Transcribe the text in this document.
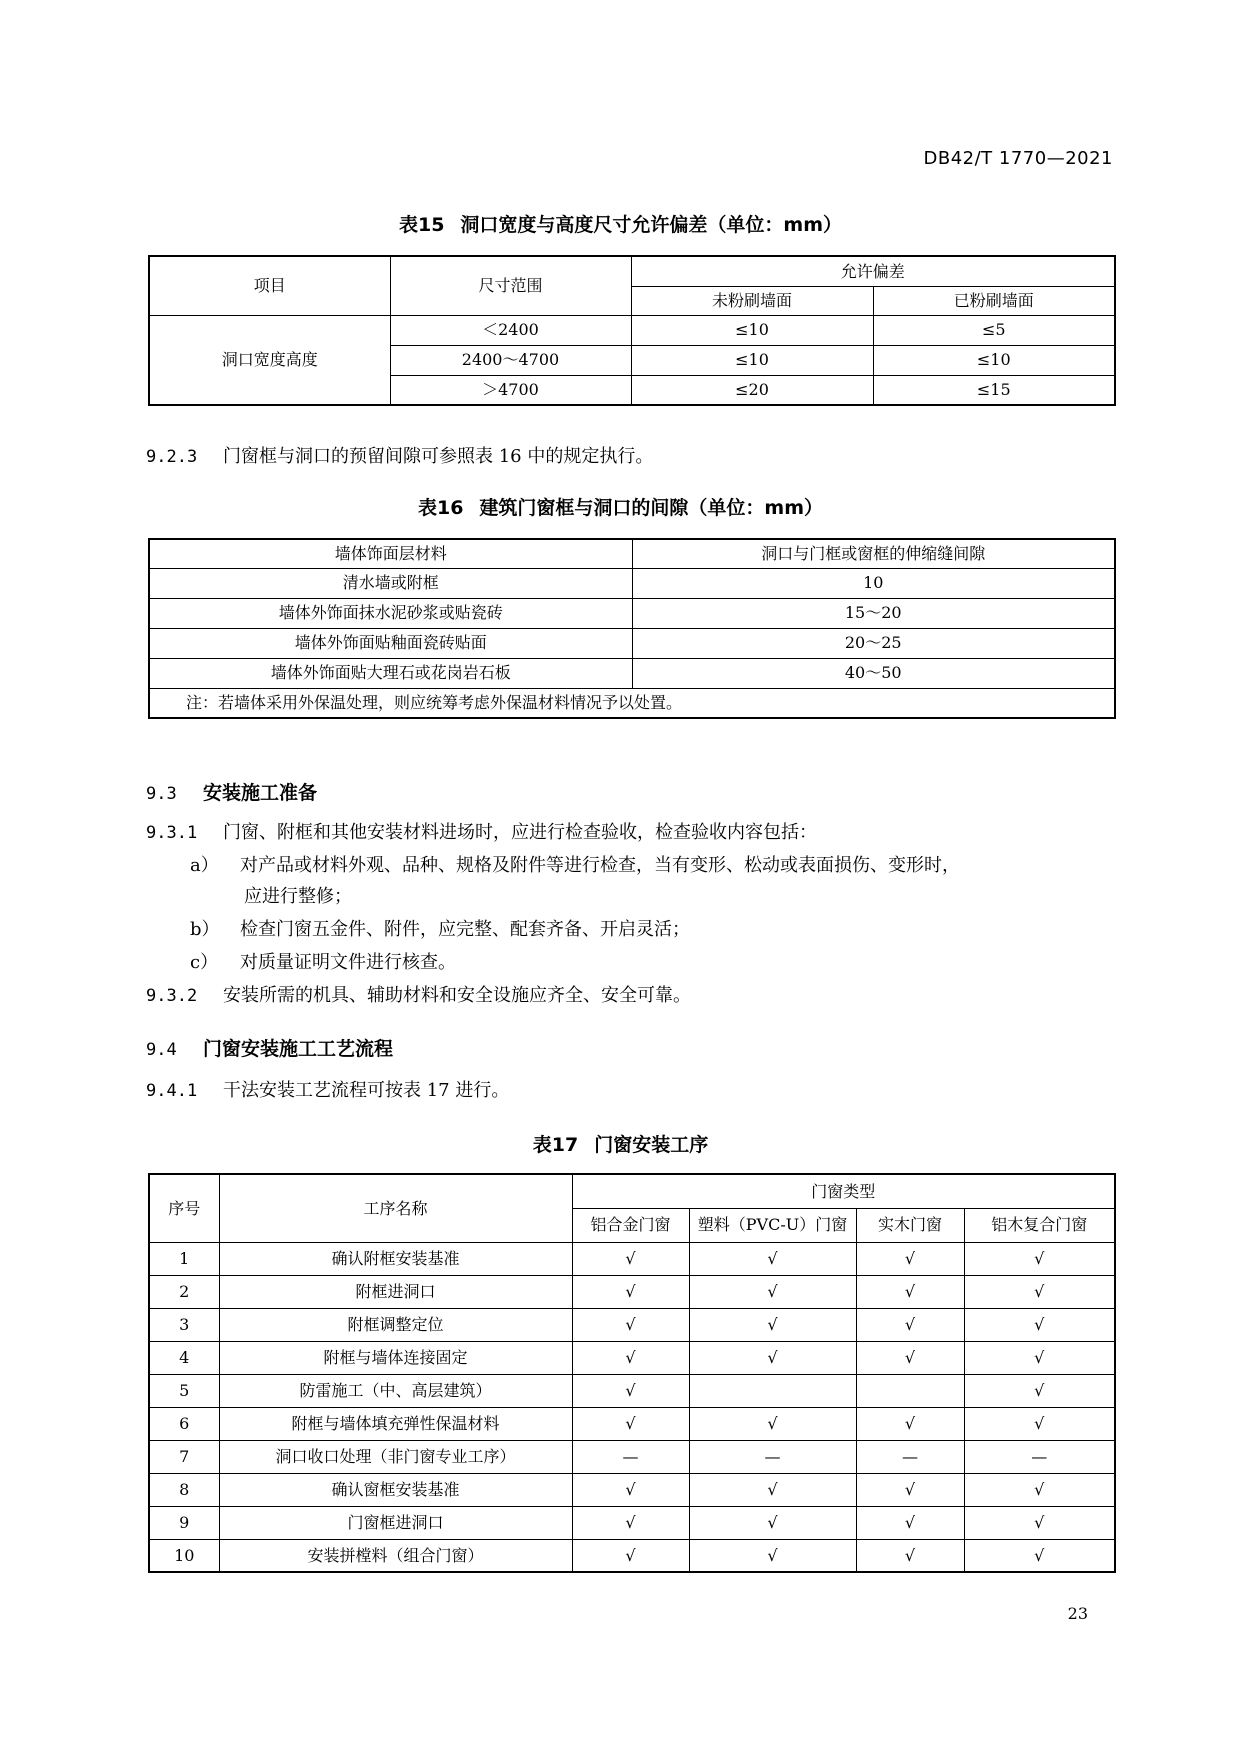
DB42/T 1770—2021
表15 洞口宽度与高度尺寸允许偏差（单位：mm）
项目	尺寸范围	允许偏差	
		未粉刷墙面	已粉刷墙面
洞口宽度高度	＜2400	≤10	≤5
	2400～4700	≤10	≤10
	＞4700	≤20	≤15
9.2.3 门窗框与洞口的预留间隙可参照表 16 中的规定执行。
表16 建筑门窗框与洞口的间隙（单位：mm）
墙体饰面层材料	洞口与门框或窗框的伸缩缝间隙
清水墙或附框	10
墙体外饰面抹水泥砂浆或贴瓷砖	15～20
墙体外饰面贴釉面瓷砖贴面	20～25
墙体外饰面贴大理石或花岗岩石板	40～50
注：若墙体采用外保温处理，则应统筹考虑外保温材料情况予以处置。	
9.3 安装施工准备
9.3.1 门窗、附框和其他安装材料进场时，应进行检查验收，检查验收内容包括：
a） 对产品或材料外观、品种、规格及附件等进行检查，当有变形、松动或表面损伤、变形时，
应进行整修；
b） 检查门窗五金件、附件，应完整、配套齐备、开启灵活；
c） 对质量证明文件进行核查。
9.3.2 安装所需的机具、辅助材料和安全设施应齐全、安全可靠。
9.4 门窗安装施工工艺流程
9.4.1 干法安装工艺流程可按表 17 进行。
表17 门窗安装工序
序号	工序名称	门窗类型			
		铝合金门窗	塑料（PVC-U）门窗	实木门窗	铝木复合门窗
1	确认附框安装基准	√	√	√	√
2	附框进洞口	√	√	√	√
3	附框调整定位	√	√	√	√
4	附框与墙体连接固定	√	√	√	√
5	防雷施工（中、高层建筑）	√			√
6	附框与墙体填充弹性保温材料	√	√	√	√
7	洞口收口处理（非门窗专业工序）	—	—	—	—
8	确认窗框安装基准	√	√	√	√
9	门窗框进洞口	√	√	√	√
10	安装拼樘料（组合门窗）	√	√	√	√
23
